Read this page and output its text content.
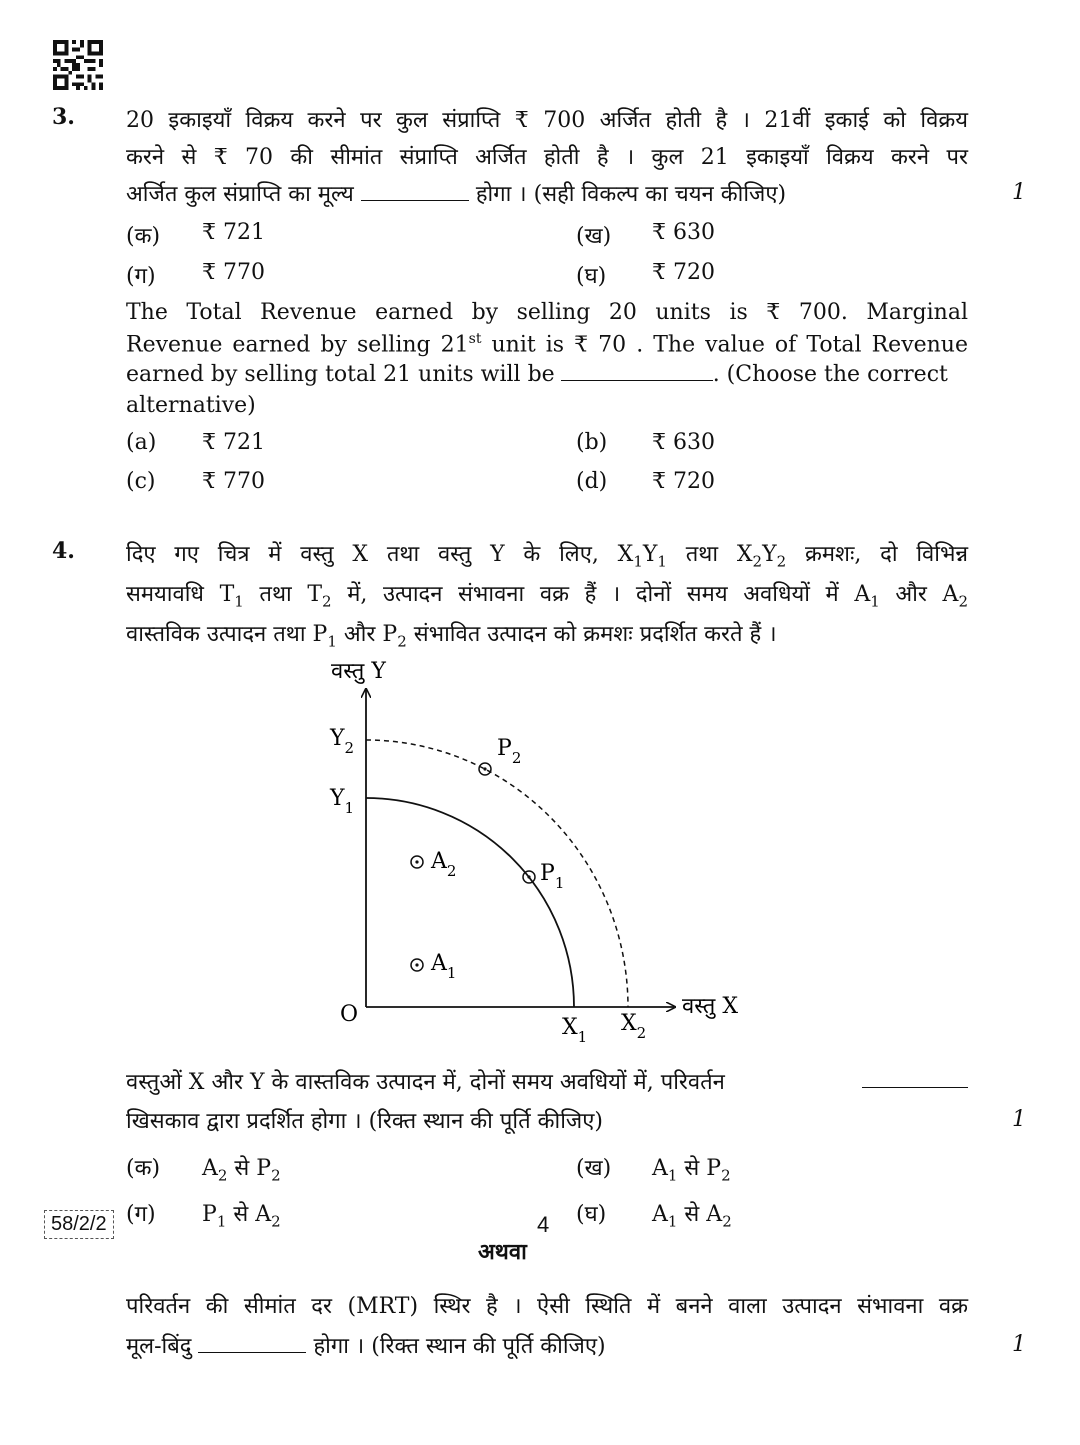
3. 20 इकाइयाँ विक्रय करने पर कुल संप्राप्ति ₹ 700 अर्जित होती है । 21वीं इकाई को विक्रय
करने से ₹ 70 की सीमांत संप्राप्ति अर्जित होती है । कुल 21 इकाइयाँ विक्रय करने पर
अर्जित कुल संप्राप्ति का मूल्य	होगा । (सही विकल्प का चयन कीजिए)	1
(क) ₹ 721	(ख) ₹ 630
(ग) ₹ 770	(घ) ₹ 720
The Total Revenue earned by selling 20 units is ₹ 700. Marginal
Revenue earned by selling 21st unit is ₹ 70 . The value of Total Revenue
earned by selling total 21 units will be	. (Choose the correct
alternative)
(a) ₹ 721	(b) ₹ 630
(c) ₹ 770	(d) ₹ 720
4. दिए गए चित्र में वस्तु X तथा वस्तु Y के लिए, $X_1Y_1$ तथा $X_2Y_2$ क्रमशः, दो विभिन्न
समयावधि $T_1$ तथा $T_2$ में, उत्पादन संभावना वक्र हैं । दोनों समय अवधियों में $A_1$ और $A_2$
वास्तविक उत्पादन तथा $P_1$ और $P_2$ संभावित उत्पादन को क्रमशः प्रदर्शित करते हैं ।
वस्तु Y
वस्तु X
O
$Y_2$
$Y_1$
$X_1$
$X_2$
$P_2$
$P_1$
$A_2$
$A_1$
वस्तुओं X और Y के वास्तविक उत्पादन में, दोनों समय अवधियों में, परिवर्तन
खिसकाव द्वारा प्रदर्शित होगा । (रिक्त स्थान की पूर्ति कीजिए)	1
(क) $A_2$ से $P_2$	(ख) $A_1$ से $P_2$
(ग) $P_1$ से $A_2$	(घ) $A_1$ से $A_2$
अथवा
परिवर्तन की सीमांत दर (MRT) स्थिर है । ऐसी स्थिति में बनने वाला उत्पादन संभावना वक्र
मूल-बिंदु	होगा । (रिक्त स्थान की पूर्ति कीजिए)	1
58/2/2	4
